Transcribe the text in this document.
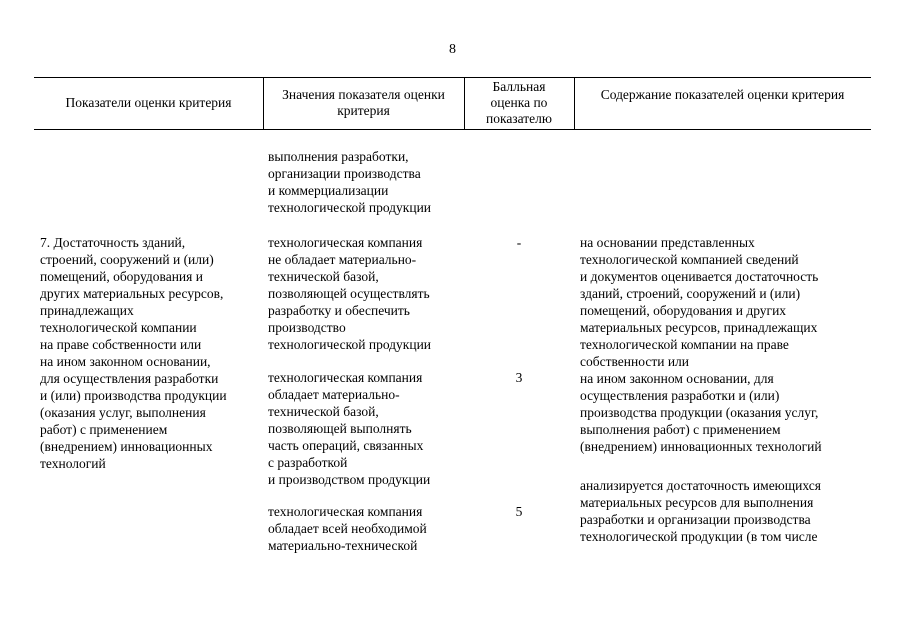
8
Показатели оценки критерия
Значения показателя оценки критерия
Балльная оценка по показателю
Содержание показателей оценки критерия
выполнения разработки,
организации производства
и коммерциализации
технологической продукции
7. Достаточность зданий,
строений, сооружений и (или)
помещений, оборудования и
других материальных ресурсов,
принадлежащих
технологической компании
на праве собственности или
на ином законном основании,
для осуществления разработки
и (или) производства продукции
(оказания услуг, выполнения
работ) с применением
(внедрением) инновационных
технологий
технологическая компания
не обладает материально-
технической базой,
позволяющей осуществлять
разработку и обеспечить
производство
технологической продукции
-
технологическая компания
обладает материально-
технической базой,
позволяющей выполнять
часть операций, связанных
с разработкой
и производством продукции
3
технологическая компания
обладает всей необходимой
материально-технической
5
на основании представленных
технологической компанией сведений
и документов оценивается достаточность
зданий, строений, сооружений и (или)
помещений, оборудования и других
материальных ресурсов, принадлежащих
технологической компании на праве
собственности или
на ином законном основании, для
осуществления разработки и (или)
производства продукции (оказания услуг,
выполнения работ) с применением
(внедрением) инновационных технологий
анализируется достаточность имеющихся
материальных ресурсов для выполнения
разработки и организации производства
технологической продукции (в том числе
